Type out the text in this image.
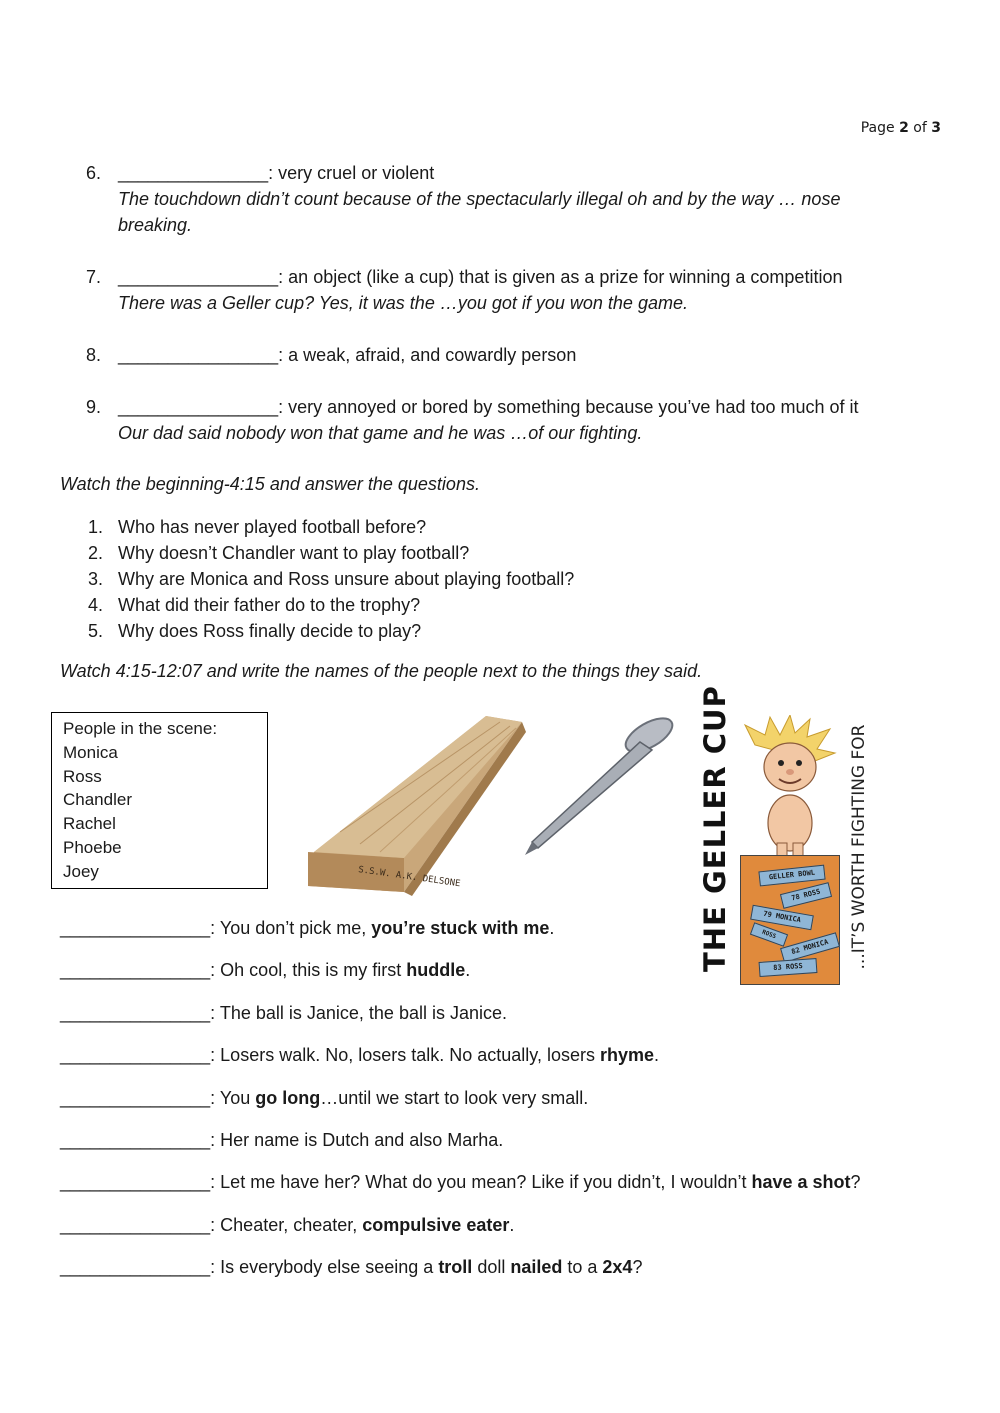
Page 2 of 3
6. _______________: very cruel or violent
The touchdown didn’t count because of the spectacularly illegal oh and by the way … nose
breaking.
7. ________________: an object (like a cup) that is given as a prize for winning a competition
There was a Geller cup? Yes, it was the …you got if you won the game.
8. ________________: a weak, afraid, and cowardly person
9. ________________: very annoyed or bored by something because you’ve had too much of it
Our dad said nobody won that game and he was …of our fighting.
Watch the beginning-4:15 and answer the questions.
1. Who has never played football before?
2. Why doesn’t Chandler want to play football?
3. Why are Monica and Ross unsure about playing football?
4. What did their father do to the trophy?
5. Why does Ross finally decide to play?
Watch 4:15-12:07 and write the names of the people next to the things they said.
People in the scene:
Monica
Ross
Chandler
Rachel
Phoebe
Joey	S.S.W. A.K. DELSONE	THE GELLER CUP	...IT’S WORTH FIGHTING FOR
GELLER BOWL
78 ROSS
79 MONICA
ROSS
82 MONICA
83 ROSS
_______________: You don’t pick me, you’re stuck with me.
_______________: Oh cool, this is my first huddle.
_______________: The ball is Janice, the ball is Janice.
_______________: Losers walk. No, losers talk. No actually, losers rhyme.
_______________: You go long…until we start to look very small.
_______________: Her name is Dutch and also Marha.
_______________: Let me have her? What do you mean? Like if you didn’t, I wouldn’t have a shot?
_______________: Cheater, cheater, compulsive eater.
_______________: Is everybody else seeing a troll doll nailed to a 2x4?
